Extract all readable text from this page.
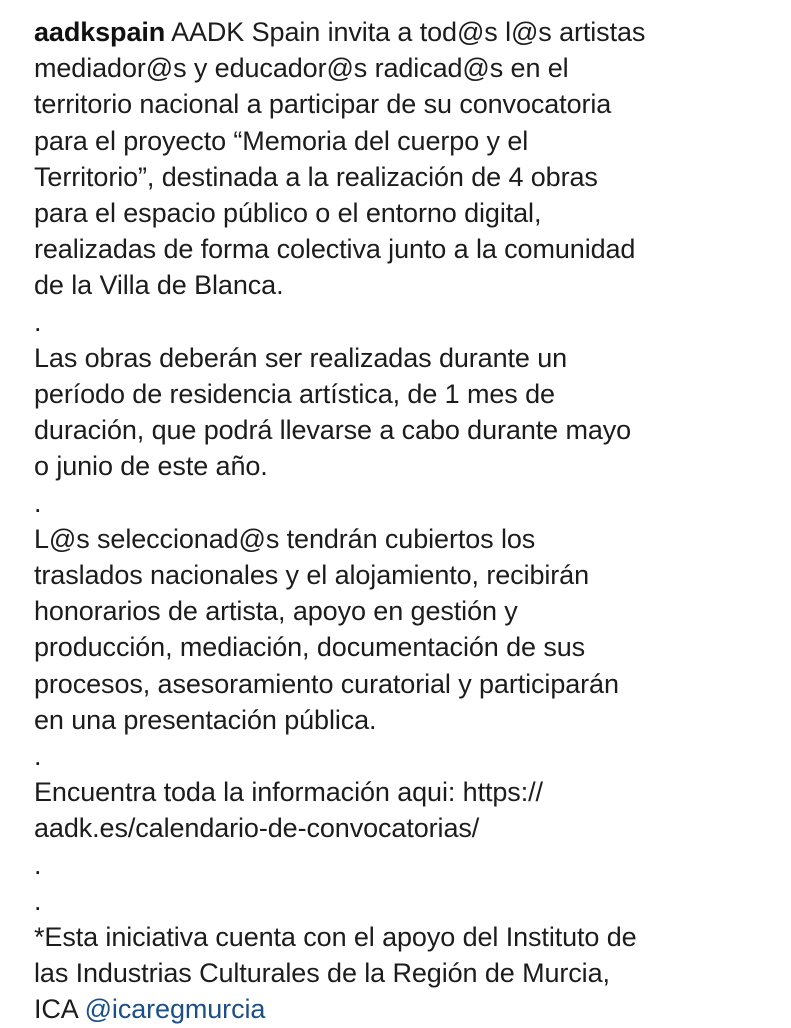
aadkspain AADK Spain invita a tod@s l@s artistas
mediador@s y educador@s radicad@s en el
territorio nacional a participar de su convocatoria
para el proyecto “Memoria del cuerpo y el
Territorio”, destinada a la realización de 4 obras
para el espacio público o el entorno digital,
realizadas de forma colectiva junto a la comunidad
de la Villa de Blanca.
.
Las obras deberán ser realizadas durante un
período de residencia artística, de 1 mes de
duración, que podrá llevarse a cabo durante mayo
o junio de este año.
.
L@s seleccionad@s tendrán cubiertos los
traslados nacionales y el alojamiento, recibirán
honorarios de artista, apoyo en gestión y
producción, mediación, documentación de sus
procesos, asesoramiento curatorial y participarán
en una presentación pública.
.
Encuentra toda la información aqui: https://
aadk.es/calendario-de-convocatorias/
.
.
*Esta iniciativa cuenta con el apoyo del Instituto de
las Industrias Culturales de la Región de Murcia,
ICA @icaregmurcia
